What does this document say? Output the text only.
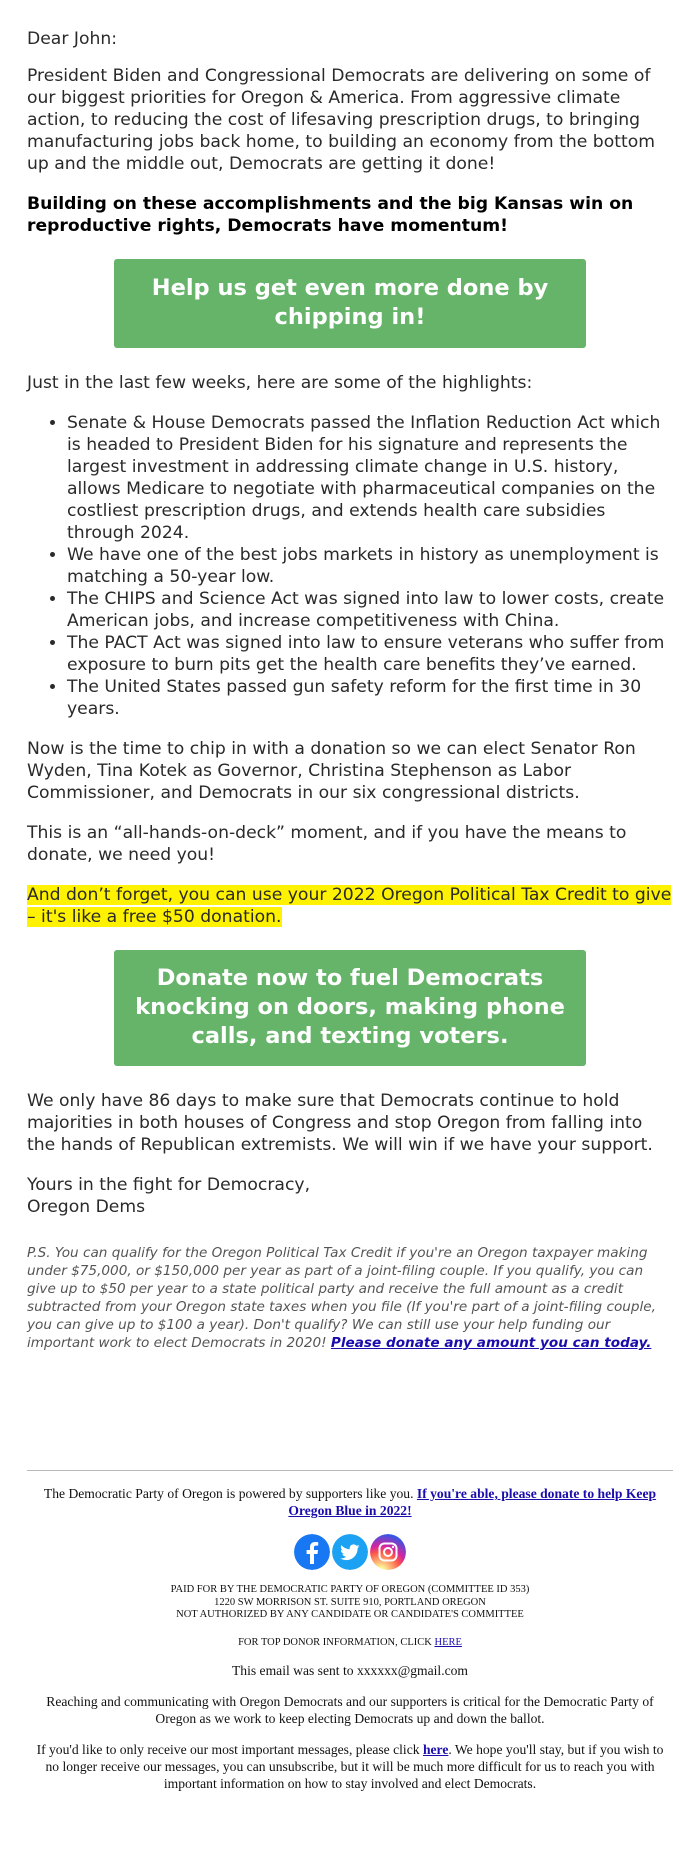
Dear John:

President Biden and Congressional Democrats are delivering on some of our biggest priorities for Oregon & America. From aggressive climate action, to reducing the cost of lifesaving prescription drugs, to bringing manufacturing jobs back home, to building an economy from the bottom up and the middle out, Democrats are getting it done!

Building on these accomplishments and the big Kansas win on reproductive rights, Democrats have momentum!

Help us get even more done by chipping in!

Just in the last few weeks, here are some of the highlights:

• Senate & House Democrats passed the Inflation Reduction Act which is headed to President Biden for his signature and represents the largest investment in addressing climate change in U.S. history, allows Medicare to negotiate with pharmaceutical companies on the costliest prescription drugs, and extends health care subsidies through 2024.
• We have one of the best jobs markets in history as unemployment is matching a 50-year low.
• The CHIPS and Science Act was signed into law to lower costs, create American jobs, and increase competitiveness with China.
• The PACT Act was signed into law to ensure veterans who suffer from exposure to burn pits get the health care benefits they’ve earned.
• The United States passed gun safety reform for the first time in 30 years.

Now is the time to chip in with a donation so we can elect Senator Ron Wyden, Tina Kotek as Governor, Christina Stephenson as Labor Commissioner, and Democrats in our six congressional districts.

This is an “all-hands-on-deck” moment, and if you have the means to donate, we need you!

And don’t forget, you can use your 2022 Oregon Political Tax Credit to give – it's like a free $50 donation.

Donate now to fuel Democrats knocking on doors, making phone calls, and texting voters.

We only have 86 days to make sure that Democrats continue to hold majorities in both houses of Congress and stop Oregon from falling into the hands of Republican extremists. We will win if we have your support.

Yours in the fight for Democracy,
Oregon Dems

P.S. You can qualify for the Oregon Political Tax Credit if you're an Oregon taxpayer making under $75,000, or $150,000 per year as part of a joint-filing couple. If you qualify, you can give up to $50 per year to a state political party and receive the full amount as a credit subtracted from your Oregon state taxes when you file (If you're part of a joint-filing couple, you can give up to $100 a year). Don't qualify? We can still use your help funding our important work to elect Democrats in 2020! Please donate any amount you can today.

The Democratic Party of Oregon is powered by supporters like you. If you're able, please donate to help Keep Oregon Blue in 2022!

PAID FOR BY THE DEMOCRATIC PARTY OF OREGON (COMMITTEE ID 353)

1220 SW MORRISON ST. SUITE 910, PORTLAND OREGON

NOT AUTHORIZED BY ANY CANDIDATE OR CANDIDATE'S COMMITTEE

FOR TOP DONOR INFORMATION, CLICK HERE

This email was sent to xxxxxx@gmail.com

Reaching and communicating with Oregon Democrats and our supporters is critical for the Democratic Party of Oregon as we work to keep electing Democrats up and down the ballot.

If you'd like to only receive our most important messages, please click here. We hope you'll stay, but if you wish to no longer receive our messages, you can unsubscribe, but it will be much more difficult for us to reach you with important information on how to stay involved and elect Democrats.
